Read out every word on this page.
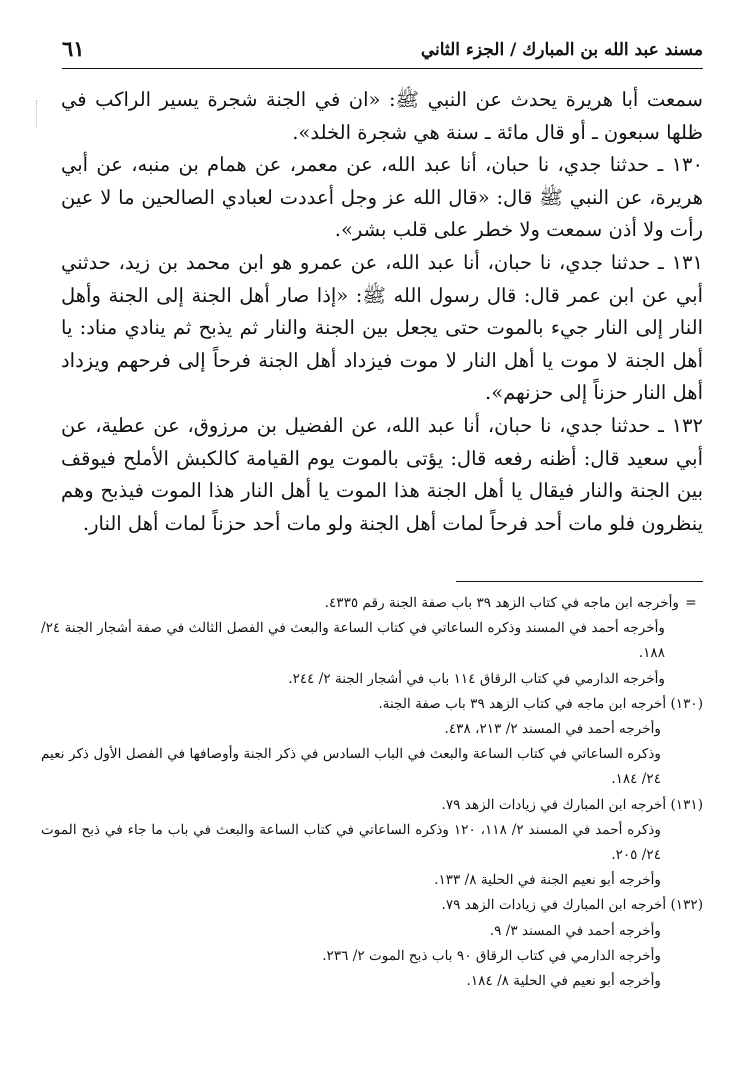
مسند عبد الله بن المبارك / الجزء الثاني
٦١

سمعت أبا هريرة يحدث عن النبي ﷺ: «ان في الجنة شجرة يسير الراكب في ظلها سبعون ـ أو قال مائة ـ سنة هي شجرة الخلد».

١٣٠ ـ حدثنا جدي، نا حبان، أنا عبد الله، عن معمر، عن همام بن منبه، عن أبي هريرة، عن النبي ﷺ قال: «قال الله عز وجل أعددت لعبادي الصالحين ما لا عين رأت ولا أذن سمعت ولا خطر على قلب بشر».

١٣١ ـ حدثنا جدي، نا حبان، أنا عبد الله، عن عمرو هو ابن محمد بن زيد، حدثني أبي عن ابن عمر قال: قال رسول الله ﷺ: «إذا صار أهل الجنة إلى الجنة وأهل النار إلى النار جيء بالموت حتى يجعل بين الجنة والنار ثم يذبح ثم ينادي مناد: يا أهل الجنة لا موت يا أهل النار لا موت فيزداد أهل الجنة فرحاً إلى فرحهم ويزداد أهل النار حزناً إلى حزنهم».

١٣٢ ـ حدثنا جدي، نا حبان، أنا عبد الله، عن الفضيل بن مرزوق، عن عطية، عن أبي سعيد قال: أظنه رفعه قال: يؤتى بالموت يوم القيامة كالكبش الأملح فيوقف بين الجنة والنار فيقال يا أهل الجنة هذا الموت يا أهل النار هذا الموت فيذبح وهم ينظرون فلو مات أحد فرحاً لمات أهل الجنة ولو مات أحد حزناً لمات أهل النار.

=وأخرجه ابن ماجه في كتاب الزهد ٣٩ باب صفة الجنة رقم ٤٣٣٥.

وأخرجه أحمد في المسند وذكره الساعاتي في كتاب الساعة والبعث في الفصل الثالث في صفة أشجار الجنة ٢٤/ ١٨٨.

وأخرجه الدارمي في كتاب الرقاق ١١٤ باب في أشجار الجنة ٢/ ٢٤٤.

(١٣٠) أخرجه ابن ماجه في كتاب الزهد ٣٩ باب صفة الجنة.

وأخرجه أحمد في المسند ٢/ ٢١٣، ٤٣٨.

وذكره الساعاتي في كتاب الساعة والبعث في الباب السادس في ذكر الجنة وأوصافها في الفصل الأول ذكر نعيم ٢٤/ ١٨٤.

(١٣١) أخرجه ابن المبارك في زيادات الزهد ٧٩.

وذكره أحمد في المسند ٢/ ١١٨، ١٢٠ وذكره الساعاتي في كتاب الساعة والبعث في باب ما جاء في ذبح الموت ٢٤/ ٢٠٥.

وأخرجه أبو نعيم الجنة في الحلية ٨/ ١٣٣.

(١٣٢) أخرجه ابن المبارك في زيادات الزهد ٧٩.

وأخرجه أحمد في المسند ٣/ ٩.

وأخرجه الدارمي في كتاب الرقاق ٩٠ باب ذبح الموت ٢/ ٢٣٦.

وأخرجه أبو نعيم في الحلية ٨/ ١٨٤.
